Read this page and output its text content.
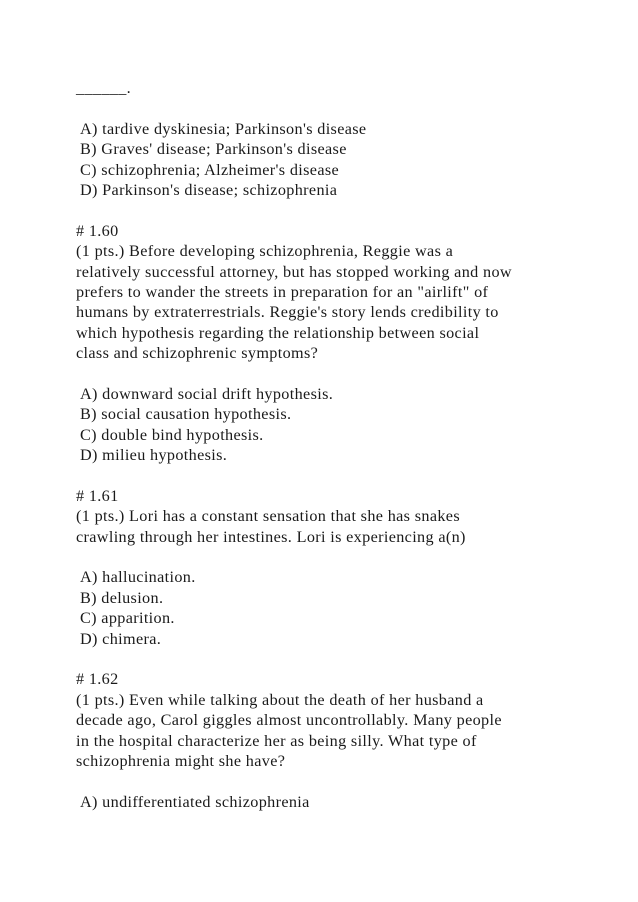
______.
A) tardive dyskinesia; Parkinson's disease
B) Graves' disease; Parkinson's disease
C) schizophrenia; Alzheimer's disease
D) Parkinson's disease; schizophrenia
# 1.60
(1 pts.) Before developing schizophrenia, Reggie was a
relatively successful attorney, but has stopped working and now
prefers to wander the streets in preparation for an "airlift" of
humans by extraterrestrials. Reggie's story lends credibility to
which hypothesis regarding the relationship between social
class and schizophrenic symptoms?
A) downward social drift hypothesis.
B) social causation hypothesis.
C) double bind hypothesis.
D) milieu hypothesis.
# 1.61
(1 pts.) Lori has a constant sensation that she has snakes
crawling through her intestines. Lori is experiencing a(n)
A) hallucination.
B) delusion.
C) apparition.
D) chimera.
# 1.62
(1 pts.) Even while talking about the death of her husband a
decade ago, Carol giggles almost uncontrollably. Many people
in the hospital characterize her as being silly. What type of
schizophrenia might she have?
A) undifferentiated schizophrenia
